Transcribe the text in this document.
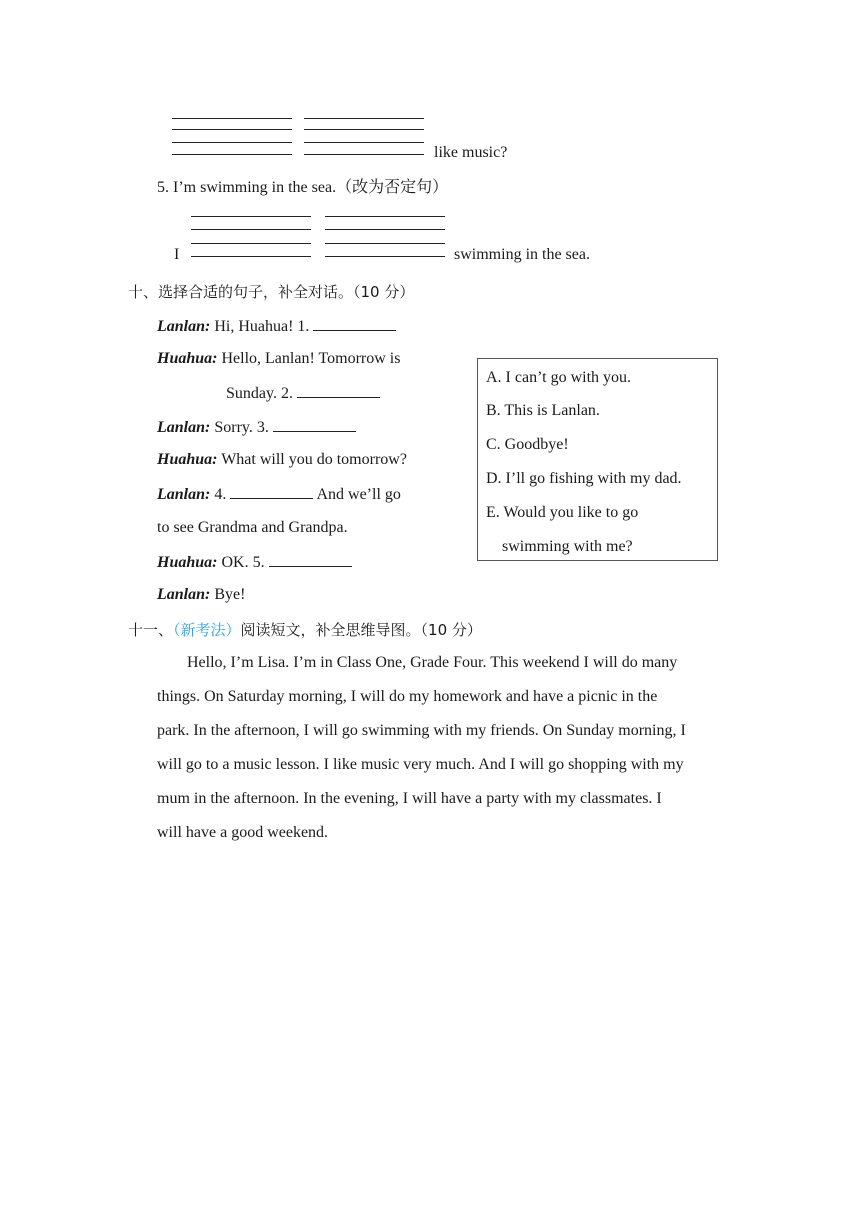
like music?
5. I’m swimming in the sea.（改为否定句）
I	swimming in the sea.
十、选择合适的句子，补全对话。（10 分）
Lanlan: Hi, Huahua! 1.
Huahua: Hello, Lanlan! Tomorrow is
Sunday. 2.
Lanlan: Sorry. 3.
Huahua: What will you do tomorrow?
Lanlan: 4.	And we’ll go
to see Grandma and Grandpa.
Huahua: OK. 5.
Lanlan: Bye!
A. I can’t go with you.
B. This is Lanlan.
C. Goodbye!
D. I’ll go fishing with my dad.
E. Would you like to go
swimming with me?
十一、（新考法）阅读短文，补全思维导图。（10 分）
Hello, I’m Lisa. I’m in Class One, Grade Four. This weekend I will do many
things. On Saturday morning, I will do my homework and have a picnic in the
park. In the afternoon, I will go swimming with my friends. On Sunday morning, I
will go to a music lesson. I like music very much. And I will go shopping with my
mum in the afternoon. In the evening, I will have a party with my classmates. I
will have a good weekend.
